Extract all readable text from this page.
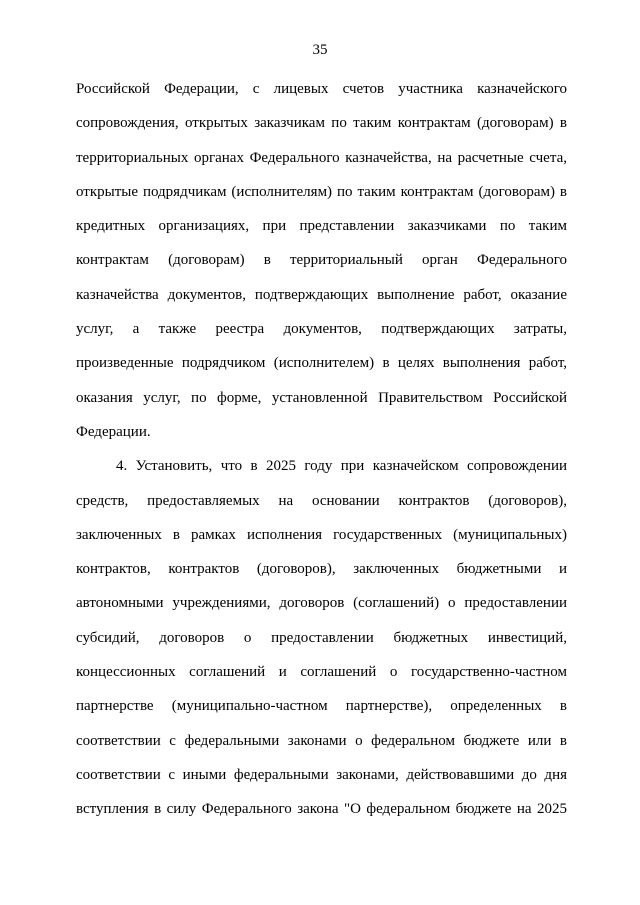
35

Российской Федерации, с лицевых счетов участника казначейского сопровождения, открытых заказчикам по таким контрактам (договорам) в территориальных органах Федерального казначейства, на расчетные счета, открытые подрядчикам (исполнителям) по таким контрактам (договорам) в кредитных организациях, при представлении заказчиками по таким контрактам (договорам) в территориальный орган Федерального казначейства документов, подтверждающих выполнение работ, оказание услуг, а также реестра документов, подтверждающих затраты, произведенные подрядчиком (исполнителем) в целях выполнения работ, оказания услуг, по форме, установленной Правительством Российской Федерации.

4. Установить, что в 2025 году при казначейском сопровождении средств, предоставляемых на основании контрактов (договоров), заключенных в рамках исполнения государственных (муниципальных) контрактов, контрактов (договоров), заключенных бюджетными и автономными учреждениями, договоров (соглашений) о предоставлении субсидий, договоров о предоставлении бюджетных инвестиций, концессионных соглашений и соглашений о государственно-частном партнерстве (муниципально-частном партнерстве), определенных в соответствии с федеральными законами о федеральном бюджете или в соответствии с иными федеральными законами, действовавшими до дня вступления в силу Федерального закона "О федеральном бюджете на 2025
